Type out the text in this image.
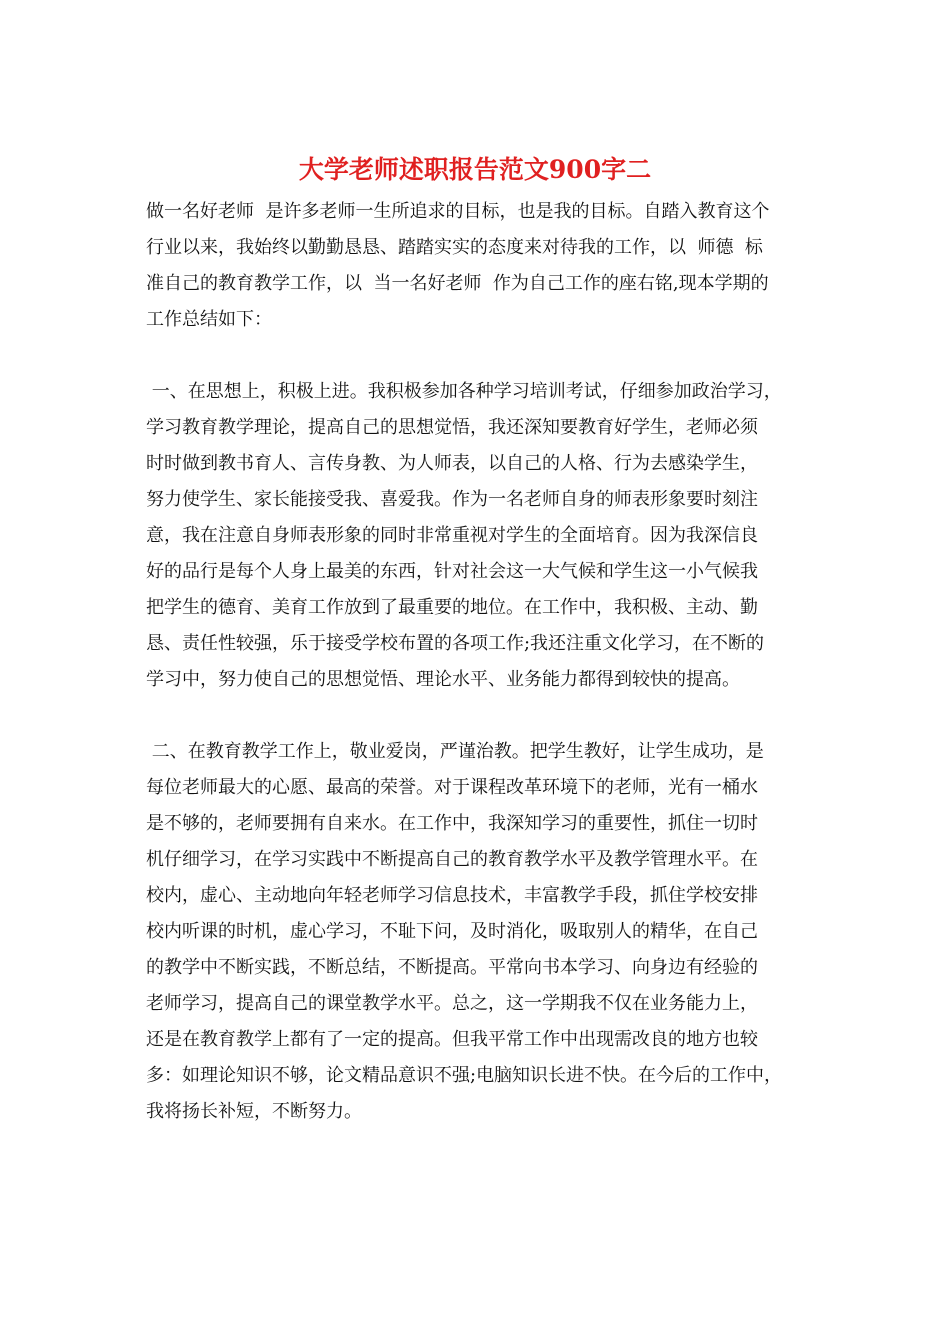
大学老师述职报告范文900字二
做一名好老师  是许多老师一生所追求的目标，也是我的目标。自踏入教育这个
行业以来，我始终以勤勤恳恳、踏踏实实的态度来对待我的工作，以  师德  标
准自己的教育教学工作，以  当一名好老师  作为自己工作的座右铭,现本学期的
工作总结如下：
一、在思想上，积极上进。我积极参加各种学习培训考试，仔细参加政治学习，
学习教育教学理论，提高自己的思想觉悟，我还深知要教育好学生，老师必须
时时做到教书育人、言传身教、为人师表，以自己的人格、行为去感染学生，
努力使学生、家长能接受我、喜爱我。作为一名老师自身的师表形象要时刻注
意，我在注意自身师表形象的同时非常重视对学生的全面培育。因为我深信良
好的品行是每个人身上最美的东西，针对社会这一大气候和学生这一小气候我
把学生的德育、美育工作放到了最重要的地位。在工作中，我积极、主动、勤
恳、责任性较强，乐于接受学校布置的各项工作;我还注重文化学习，在不断的
学习中，努力使自己的思想觉悟、理论水平、业务能力都得到较快的提高。
二、在教育教学工作上，敬业爱岗，严谨治教。把学生教好，让学生成功，是
每位老师最大的心愿、最高的荣誉。对于课程改革环境下的老师，光有一桶水
是不够的，老师要拥有自来水。在工作中，我深知学习的重要性，抓住一切时
机仔细学习，在学习实践中不断提高自己的教育教学水平及教学管理水平。在
校内，虚心、主动地向年轻老师学习信息技术，丰富教学手段，抓住学校安排
校内听课的时机，虚心学习，不耻下问，及时消化，吸取别人的精华，在自己
的教学中不断实践，不断总结，不断提高。平常向书本学习、向身边有经验的
老师学习，提高自己的课堂教学水平。总之，这一学期我不仅在业务能力上，
还是在教育教学上都有了一定的提高。但我平常工作中出现需改良的地方也较
多：如理论知识不够，论文精品意识不强;电脑知识长进不快。在今后的工作中，
我将扬长补短，不断努力。
